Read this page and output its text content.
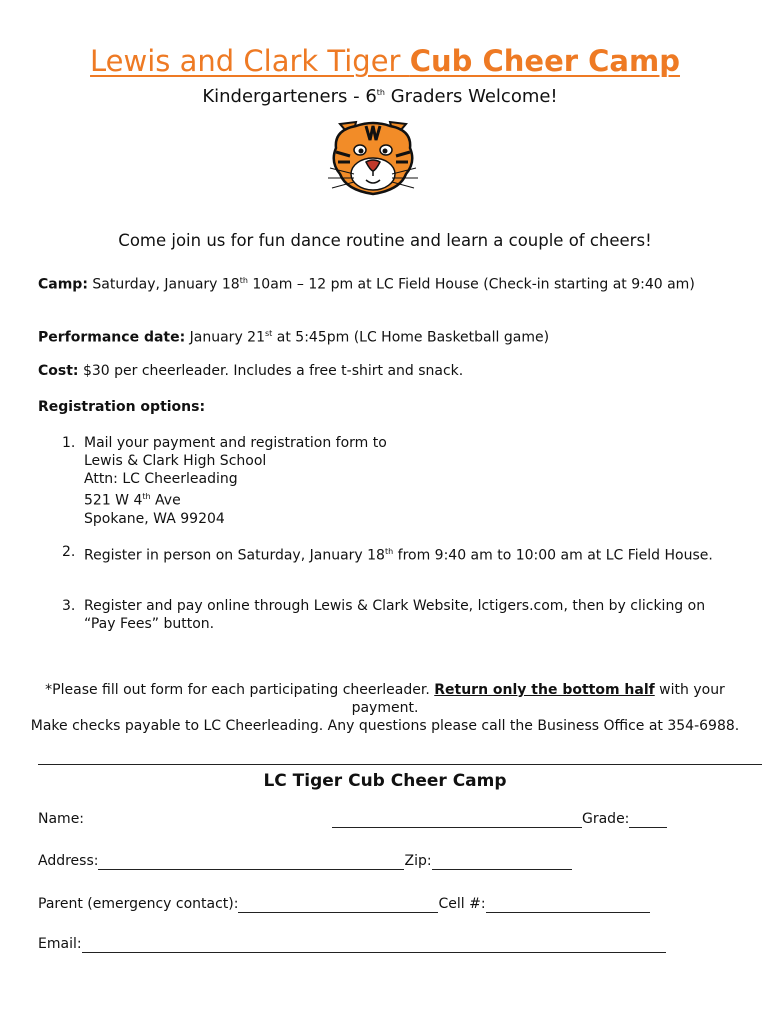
Lewis and Clark Tiger Cub Cheer Camp
Kindergarteners - 6th Graders Welcome!
Come join us for fun dance routine and learn a couple of cheers!
Camp: Saturday, January 18th 10am – 12 pm at LC Field House (Check-in starting at 9:40 am)
Performance date: January 21st at 5:45pm (LC Home Basketball game)
Cost: $30 per cheerleader. Includes a free t-shirt and snack.
Registration options:
1. Mail your payment and registration form to
Lewis & Clark High School
Attn: LC Cheerleading
521 W 4th Ave
Spokane, WA 99204
2. Register in person on Saturday, January 18th from 9:40 am to 10:00 am at LC Field House.
3. Register and pay online through Lewis & Clark Website, lctigers.com, then by clicking on “Pay Fees” button.
*Please fill out form for each participating cheerleader. Return only the bottom half with your payment.
Make checks payable to LC Cheerleading. Any questions please call the Business Office at 354-6988.
LC Tiger Cub Cheer Camp
Name:	Grade:
Address:	Zip:
Parent (emergency contact):	Cell #:
Email:
